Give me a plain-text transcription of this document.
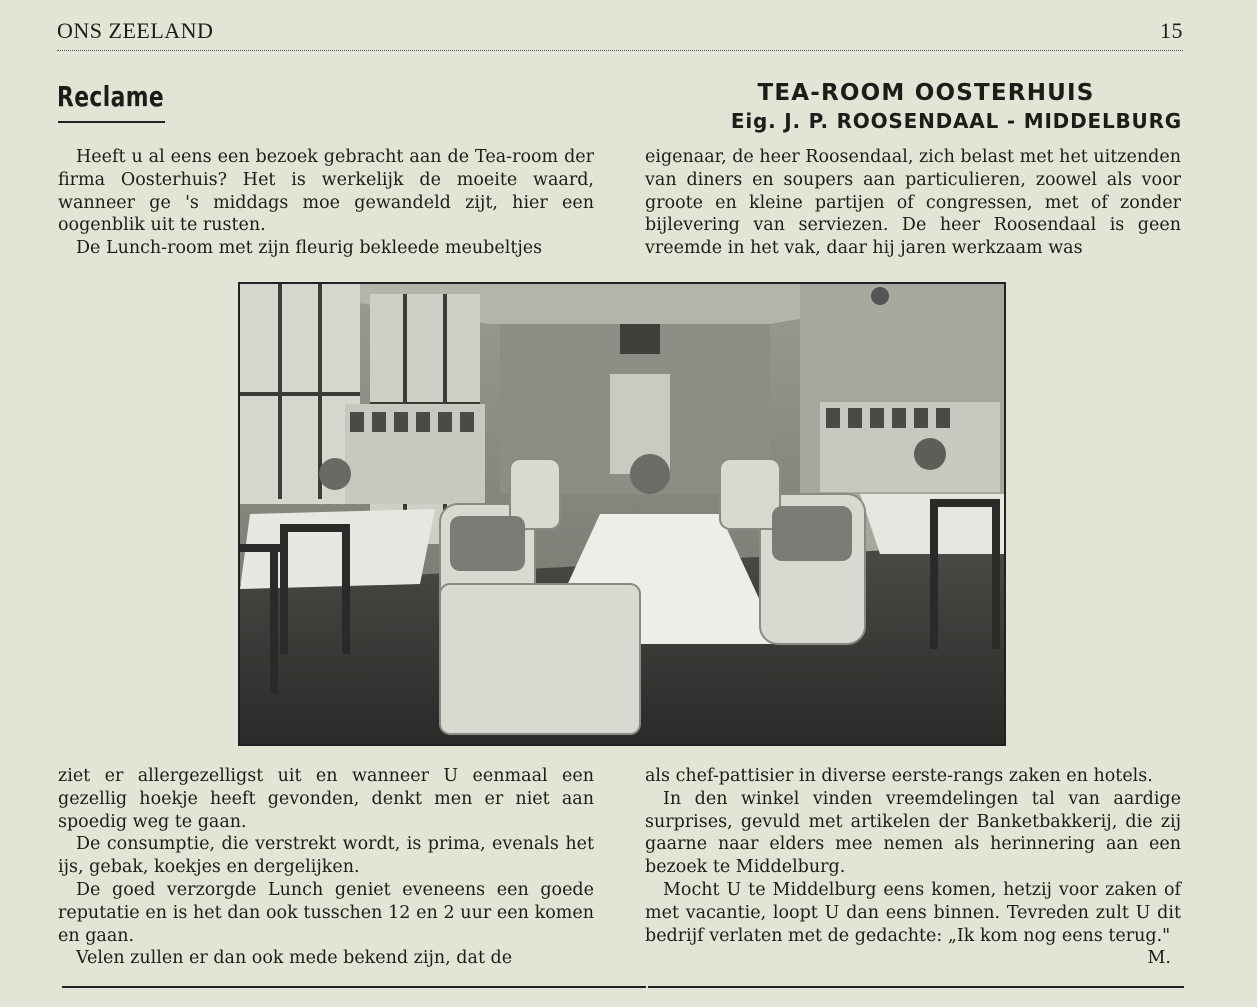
ONS ZEELAND	15
Reclame	TEA-ROOM OOSTERHUIS
Eig. J. P. ROOSENDAAL - MIDDELBURG

Heeft u al eens een bezoek gebracht aan de Tea-room der firma Oosterhuis? Het is werkelijk de moeite waard, wanneer ge 's middags moe gewandeld zijt, hier een oogenblik uit te rusten.

De Lunch-room met zijn fleurig bekleede meubeltjes

eigenaar, de heer Roosendaal, zich belast met het uitzenden van diners en soupers aan particulieren, zoowel als voor groote en kleine partijen of congressen, met of zonder bijlevering van serviezen. De heer Roosendaal is geen vreemde in het vak, daar hij jaren werkzaam was

ziet er allergezelligst uit en wanneer U eenmaal een gezellig hoekje heeft gevonden, denkt men er niet aan spoedig weg te gaan.

De consumptie, die verstrekt wordt, is prima, evenals het ijs, gebak, koekjes en dergelijken.

De goed verzorgde Lunch geniet eveneens een goede reputatie en is het dan ook tusschen 12 en 2 uur een komen en gaan.

Velen zullen er dan ook mede bekend zijn, dat de

als chef-pattisier in diverse eerste-rangs zaken en hotels.

In den winkel vinden vreemdelingen tal van aardige surprises, gevuld met artikelen der Banketbakkerij, die zij gaarne naar elders mee nemen als herinnering aan een bezoek te Middelburg.

Mocht U te Middelburg eens komen, hetzij voor zaken of met vacantie, loopt U dan eens binnen. Tevreden zult U dit bedrijf verlaten met de gedachte: „Ik kom nog eens terug."

M.
